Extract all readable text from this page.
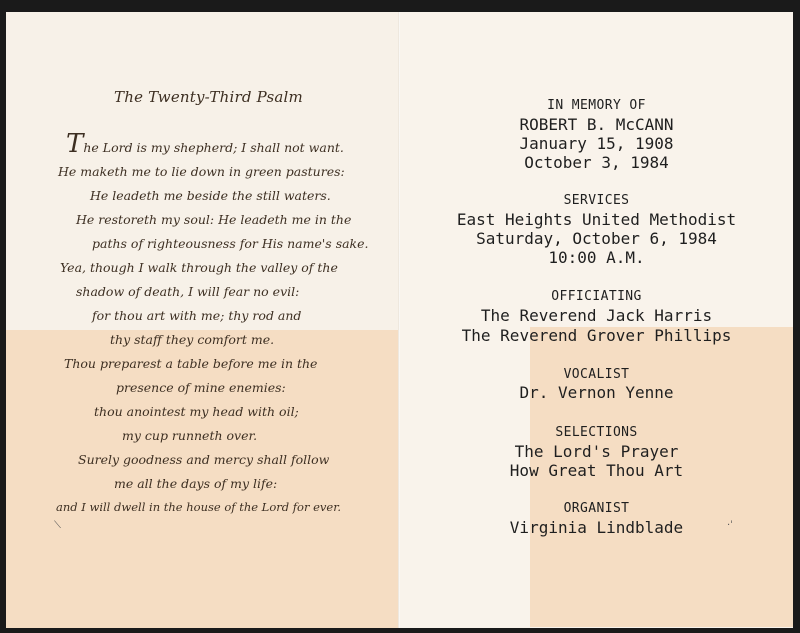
The Twenty-Third Psalm
The Lord is my shepherd; I shall not want.
He maketh me to lie down in green pastures:
He leadeth me beside the still waters.
He restoreth my soul: He leadeth me in the
paths of righteousness for His name's sake.
Yea, though I walk through the valley of the
shadow of death, I will fear no evil:
for thou art with me; thy rod and
thy staff they comfort me.
Thou preparest a table before me in the
presence of mine enemies:
thou anointest my head with oil;
my cup runneth over.
Surely goodness and mercy shall follow
me all the days of my life:
and I will dwell in the house of the Lord for ever.
⟍
IN MEMORY OF
ROBERT B. McCANN
January 15, 1908
October 3, 1984
SERVICES
East Heights United Methodist
Saturday, October 6, 1984
10:00 A.M.
OFFICIATING
The Reverend Jack Harris
The Reverend Grover Phillips
VOCALIST
Dr. Vernon Yenne
SELECTIONS
The Lord's Prayer
How Great Thou Art
ORGANIST
Virginia Lindblade	·ˈ
